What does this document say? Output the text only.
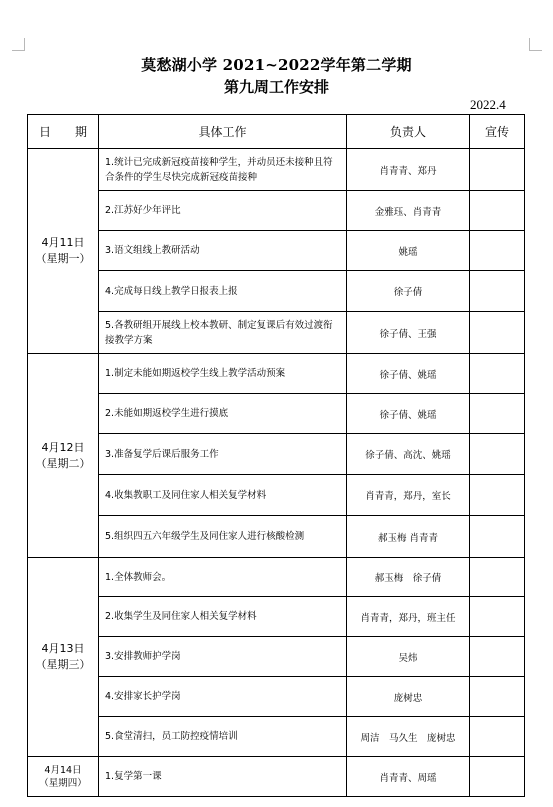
莫愁湖小学 2021~2022学年第二学期
第九周工作安排
2022.4
日　　期	具体工作	负责人	宣传

4月11日
（星期一）	1.统计已完成新冠疫苗接种学生，并动员还未接种且符合条件的学生尽快完成新冠疫苗接种	肖青青、郑丹	
	2.江苏好少年评比	金雅珏、肖青青	
	3.语文组线上教研活动	姚瑶	
	4.完成每日线上教学日报表上报	徐子倩	
	5.各教研组开展线上校本教研、制定复课后有效过渡衔接教学方案	徐子倩、王强	

4月12日
（星期二）	1.制定未能如期返校学生线上教学活动预案	徐子倩、姚瑶	
	2.未能如期返校学生进行摸底	徐子倩、姚瑶	
	3.准备复学后课后服务工作	徐子倩、高沈、姚瑶	
	4.收集教职工及同住家人相关复学材料	肖青青，郑丹，室长	
	5.组织四五六年级学生及同住家人进行核酸检测	郝玉梅 肖青青	

4月13日
（星期三）	1.全体教师会。	郝玉梅　徐子倩	
	2.收集学生及同住家人相关复学材料	肖青青，郑丹，班主任	
	3.安排教师护学岗	吴炜	
	4.安排家长护学岗	庞树忠	
	5.食堂清扫，员工防控疫情培训	周洁　马久生　庞树忠	

4月14日
（星期四）	1.复学第一课	肖青青、周瑶	
